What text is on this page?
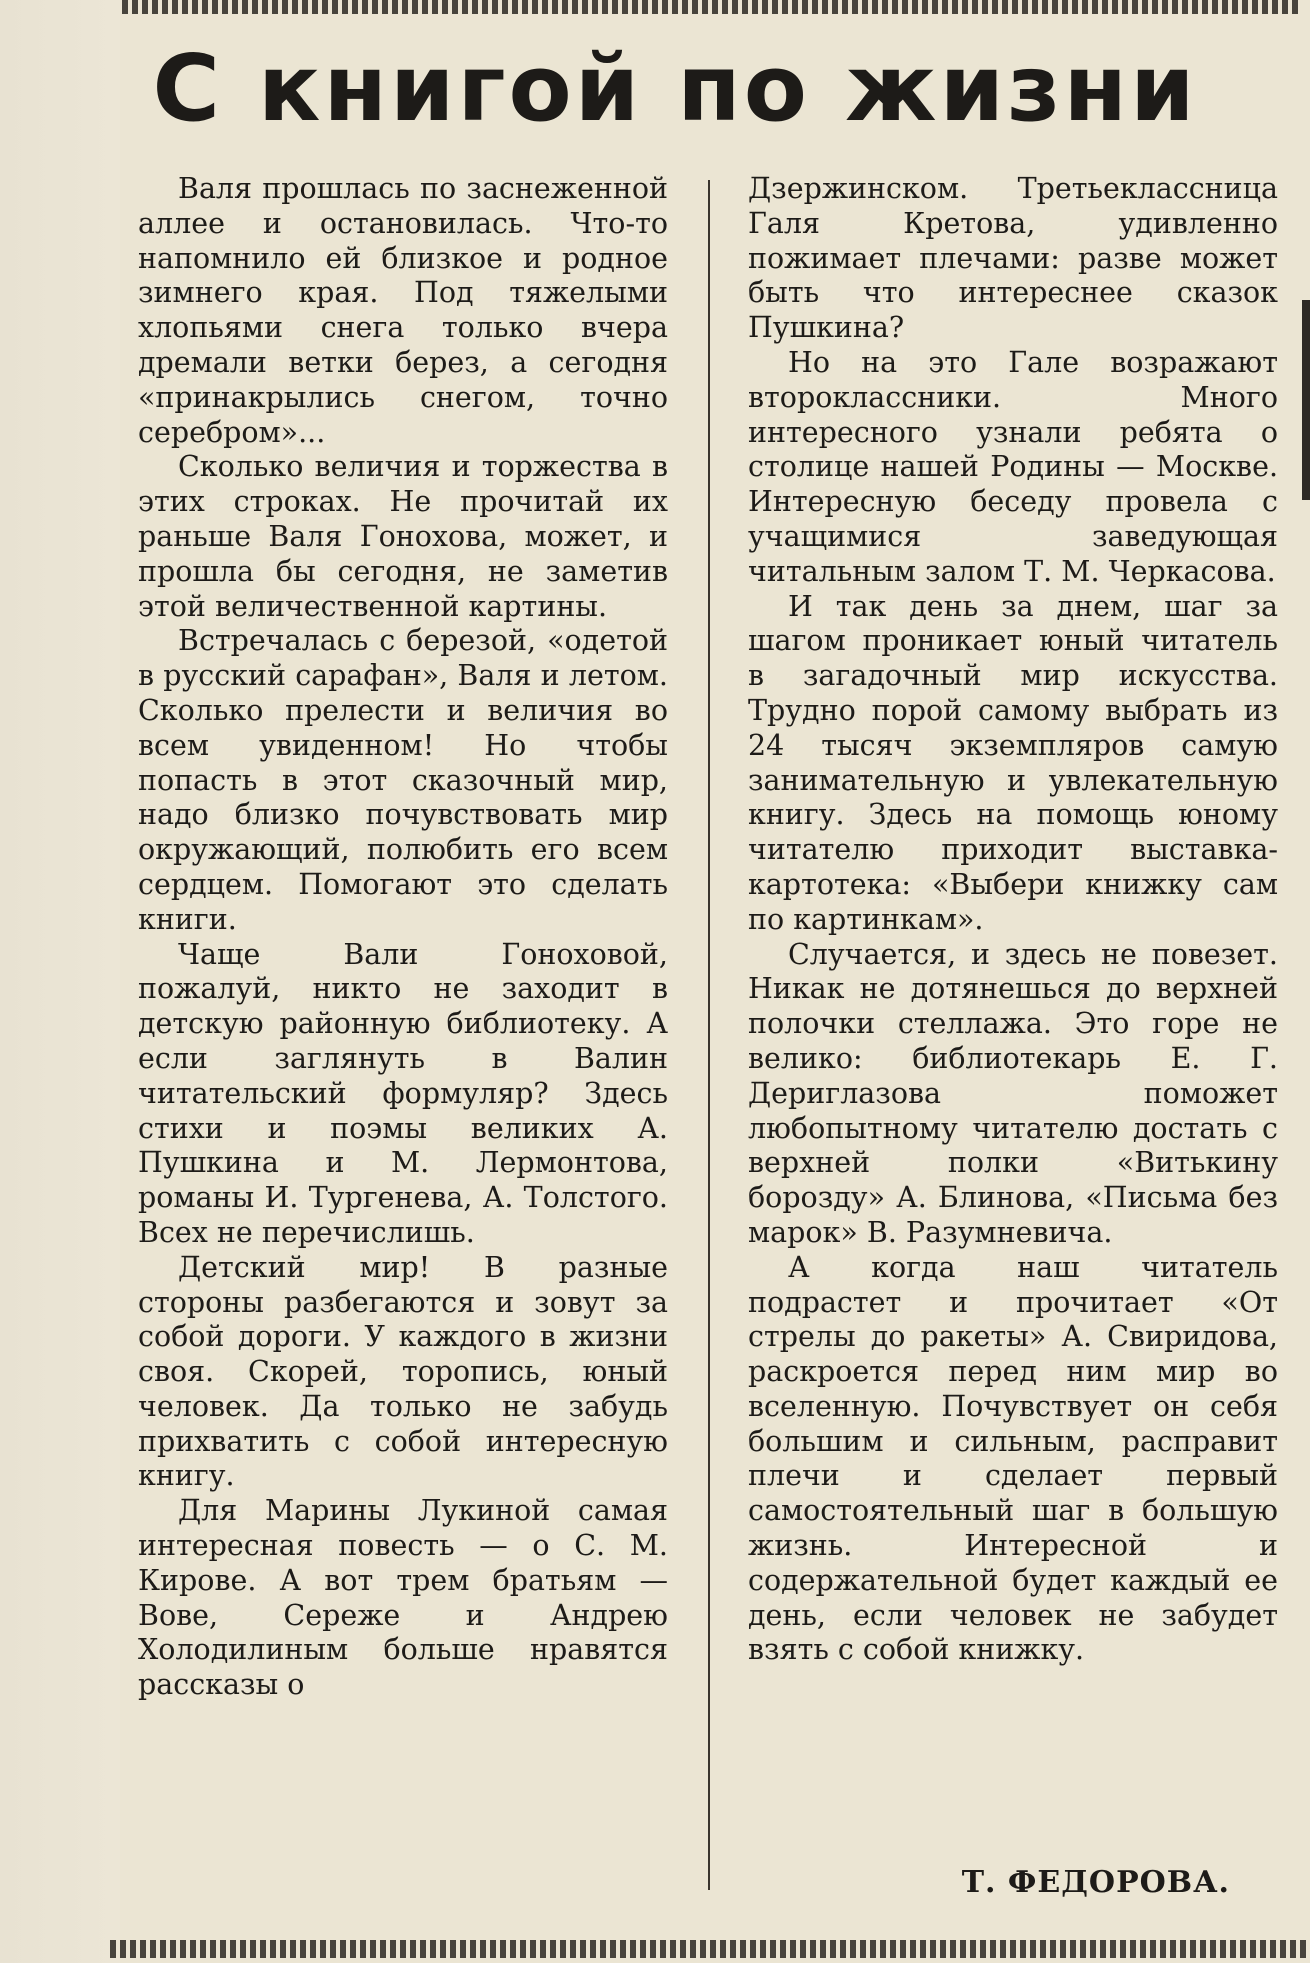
С книгой по жизни

Валя прошлась по заснеженной аллее и остановилась. Что-то напомнило ей близкое и родное зимнего края. Под тяжелыми хлопьями снега только вчера дремали ветки берез, а сегодня «принакрылись снегом, точно серебром»...

Сколько величия и торжества в этих строках. Не прочитай их раньше Валя Гонохова, может, и прошла бы сегодня, не заметив этой величественной картины.

Встречалась с березой, «одетой в русский сарафан», Валя и летом. Сколько прелести и величия во всем увиденном! Но чтобы попасть в этот сказочный мир, надо близко почувствовать мир окружающий, полюбить его всем сердцем. Помогают это сделать книги.

Чаще Вали Гоноховой, пожалуй, никто не заходит в детскую районную библиотеку. А если заглянуть в Валин читательский формуляр? Здесь стихи и поэмы великих А. Пушкина и М. Лермонтова, романы И. Тургенева, А. Толстого. Всех не перечислишь.

Детский мир! В разные стороны разбегаются и зовут за собой дороги. У каждого в жизни своя. Скорей, торопись, юный человек. Да только не забудь прихватить с собой интересную книгу.

Для Марины Лукиной самая интересная повесть — о С. М. Кирове. А вот трем братьям — Вове, Сереже и Андрею Холодилиным больше нравятся рассказы о

Дзержинском. Третьеклассница Галя Кретова, удивленно пожимает плечами: разве может быть что интереснее сказок Пушкина?

Но на это Гале возражают второклассники. Много интересного узнали ребята о столице нашей Родины — Москве. Интересную беседу провела с учащимися заведующая читальным залом Т. М. Черкасова.

И так день за днем, шаг за шагом проникает юный читатель в загадочный мир искусства. Трудно порой самому выбрать из 24 тысяч экземпляров самую занимательную и увлекательную книгу. Здесь на помощь юному читателю приходит выставка-картотека: «Выбери книжку сам по картинкам».

Случается, и здесь не повезет. Никак не дотянешься до верхней полочки стеллажа. Это горе не велико: библиотекарь Е. Г. Дериглазова поможет любопытному читателю достать с верхней полки «Витькину борозду» А. Блинова, «Письма без марок» В. Разумневича.

А когда наш читатель подрастет и прочитает «От стрелы до ракеты» А. Свиридова, раскроется перед ним мир во вселенную. Почувствует он себя большим и сильным, расправит плечи и сделает первый самостоятельный шаг в большую жизнь. Интересной и содержательной будет каждый ее день, если человек не забудет взять с собой книжку.

Т. ФЕДОРОВА.
